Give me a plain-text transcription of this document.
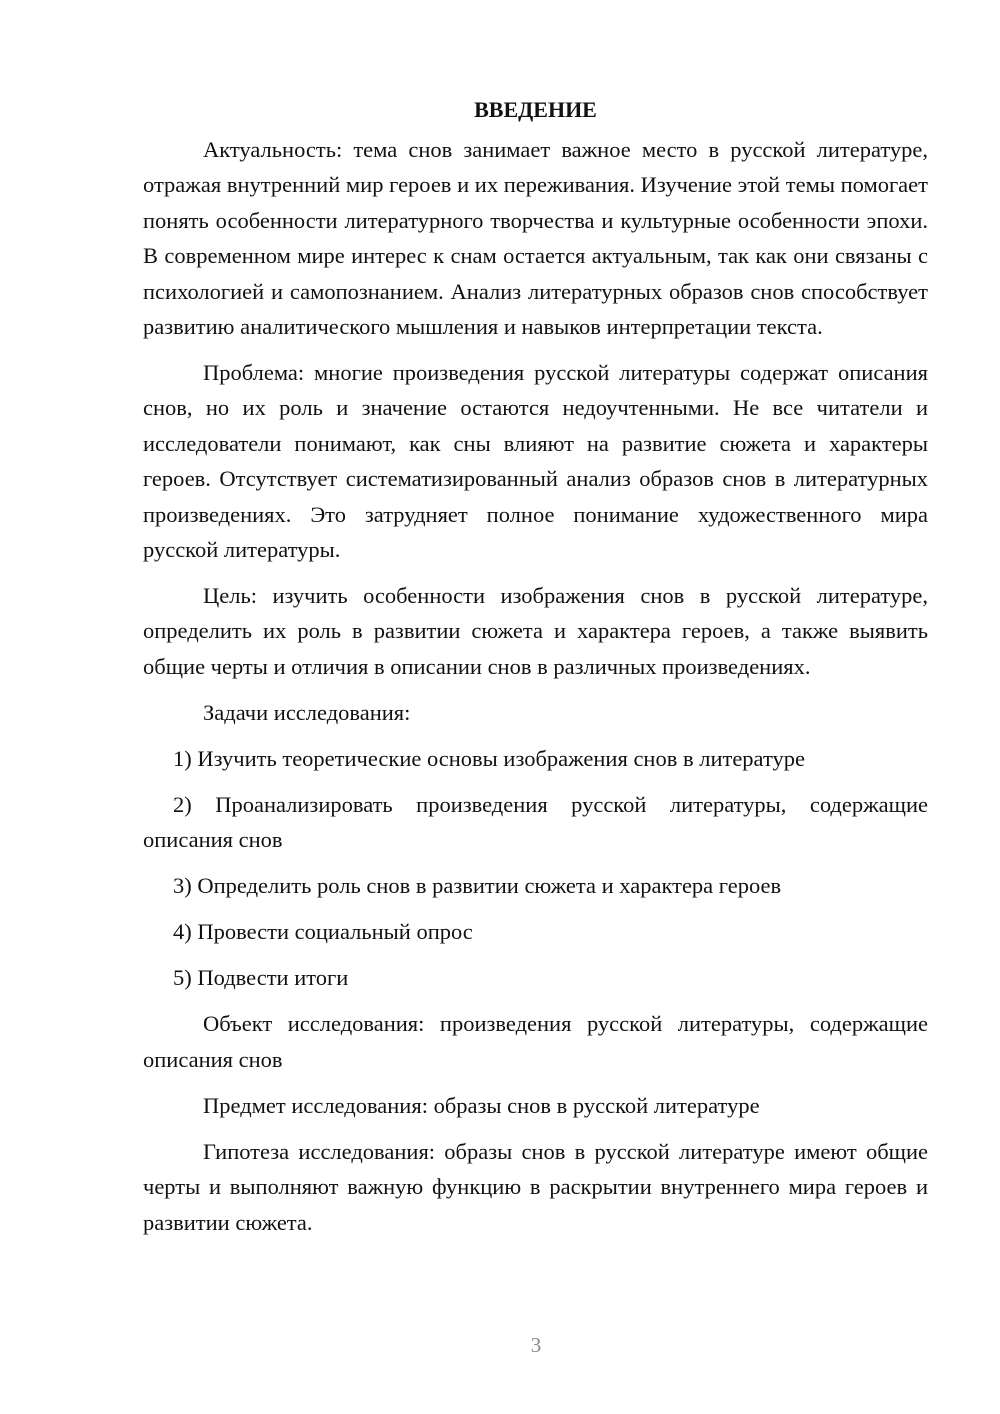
ВВЕДЕНИЕ

Актуальность: тема снов занимает важное место в русской литературе, отражая внутренний мир героев и их переживания. Изучение этой темы помогает понять особенности литературного творчества и культурные особенности эпохи. В современном мире интерес к снам остается актуальным, так как они связаны с психологией и самопознанием. Анализ литературных образов снов способствует развитию аналитического мышления и навыков интерпретации текста.

Проблема: многие произведения русской литературы содержат описания снов, но их роль и значение остаются недоучтенными. Не все читатели и исследователи понимают, как сны влияют на развитие сюжета и характеры героев. Отсутствует систематизированный анализ образов снов в литературных произведениях. Это затрудняет полное понимание художественного мира русской литературы.

Цель: изучить особенности изображения снов в русской литературе, определить их роль в развитии сюжета и характера героев, а также выявить общие черты и отличия в описании снов в различных произведениях.

Задачи исследования:

1) Изучить теоретические основы изображения снов в литературе

2) Проанализировать произведения русской литературы, содержащие описания снов

3) Определить роль снов в развитии сюжета и характера героев

4) Провести социальный опрос

5) Подвести итоги

Объект исследования: произведения русской литературы, содержащие описания снов

Предмет исследования: образы снов в русской литературе

Гипотеза исследования: образы снов в русской литературе имеют общие черты и выполняют важную функцию в раскрытии внутреннего мира героев и развитии сюжета.

3
